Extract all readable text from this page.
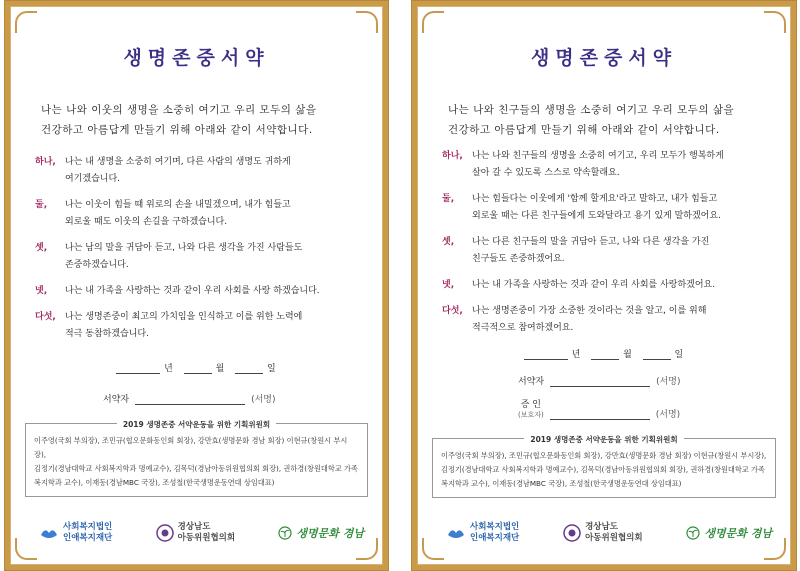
생명존중서약
나는 나와 이웃의 생명을 소중히 여기고 우리 모두의 삶을
건강하고 아름답게 만들기 위해 아래와 같이 서약합니다.
하나,	나는 내 생명을 소중히 여기며, 다른 사람의 생명도 귀하게
여기겠습니다.
둘,	나는 이웃이 힘들 때 위로의 손을 내밀겠으며, 내가 힘들고
외로울 때도 이웃의 손길을 구하겠습니다.
셋,	나는 남의 말을 귀담아 듣고, 나와 다른 생각을 가진 사람들도
존중하겠습니다.
넷,	나는 내 가족을 사랑하는 것과 같이 우리 사회를 사랑 하겠습니다.
다섯,	나는 생명존중이 최고의 가치임을 인식하고 이를 위한 노력에
적극 동참하겠습니다.
년	월	일
서약자	(서명)
2019 생명존중 서약운동을 위한 기획위원회
이주영(국회 부의장), 조민규(협오문화동인회 회장), 강만효(생명문화 경남 회장) 이현규(창원시 부시장),
김정기(경남대학교 사회복지학과 명예교수), 김목덕(경남아동위원협의회 회장), 권하경(창원대학교 가족
복지학과 교수), 이재동(경남MBC 국장), 조성철(한국생명운동연대 상임대표)
사회복지법인
인애복지재단
경상남도
아동위원협의회	생명문화 경남
생명존중서약
나는 나와 친구들의 생명을 소중히 여기고 우리 모두의 삶을
건강하고 아름답게 만들기 위해 아래와 같이 서약합니다.
하나,	나는 나와 친구들의 생명을 소중히 여기고, 우리 모두가 행복하게
살아 갈 수 있도록 스스로 약속할래요.
둘,	나는 힘들다는 이웃에게 '함께 할게요'라고 말하고, 내가 힘들고
외로울 때는 다른 친구들에게 도와달라고 용기 있게 말하겠어요.
셋,	나는 다른 친구들의 말을 귀담아 듣고, 나와 다른 생각을 가진
친구들도 존중하겠어요.
넷,	나는 내 가족을 사랑하는 것과 같이 우리 사회를 사랑하겠어요.
다섯,	나는 생명존중이 가장 소중한 것이라는 것을 알고, 이를 위해
적극적으로 참여하겠어요.
년	월	일
서약자	(서명)
증 인
(보호자)	(서명)
2019 생명존중 서약운동을 위한 기획위원회
이주영(국회 부의장), 조민규(협오문화동인회 회장), 강만효(생명문화 경남 회장) 이현규(창원시 부시장),
김정기(경남대학교 사회복지학과 명예교수), 김목덕(경남아동위원협의회 회장), 권하경(창원대학교 가족
복지학과 교수), 이재동(경남MBC 국장), 조성철(한국생명운동연대 상임대표)
사회복지법인
인애복지재단
경상남도
아동위원협의회	생명문화 경남
